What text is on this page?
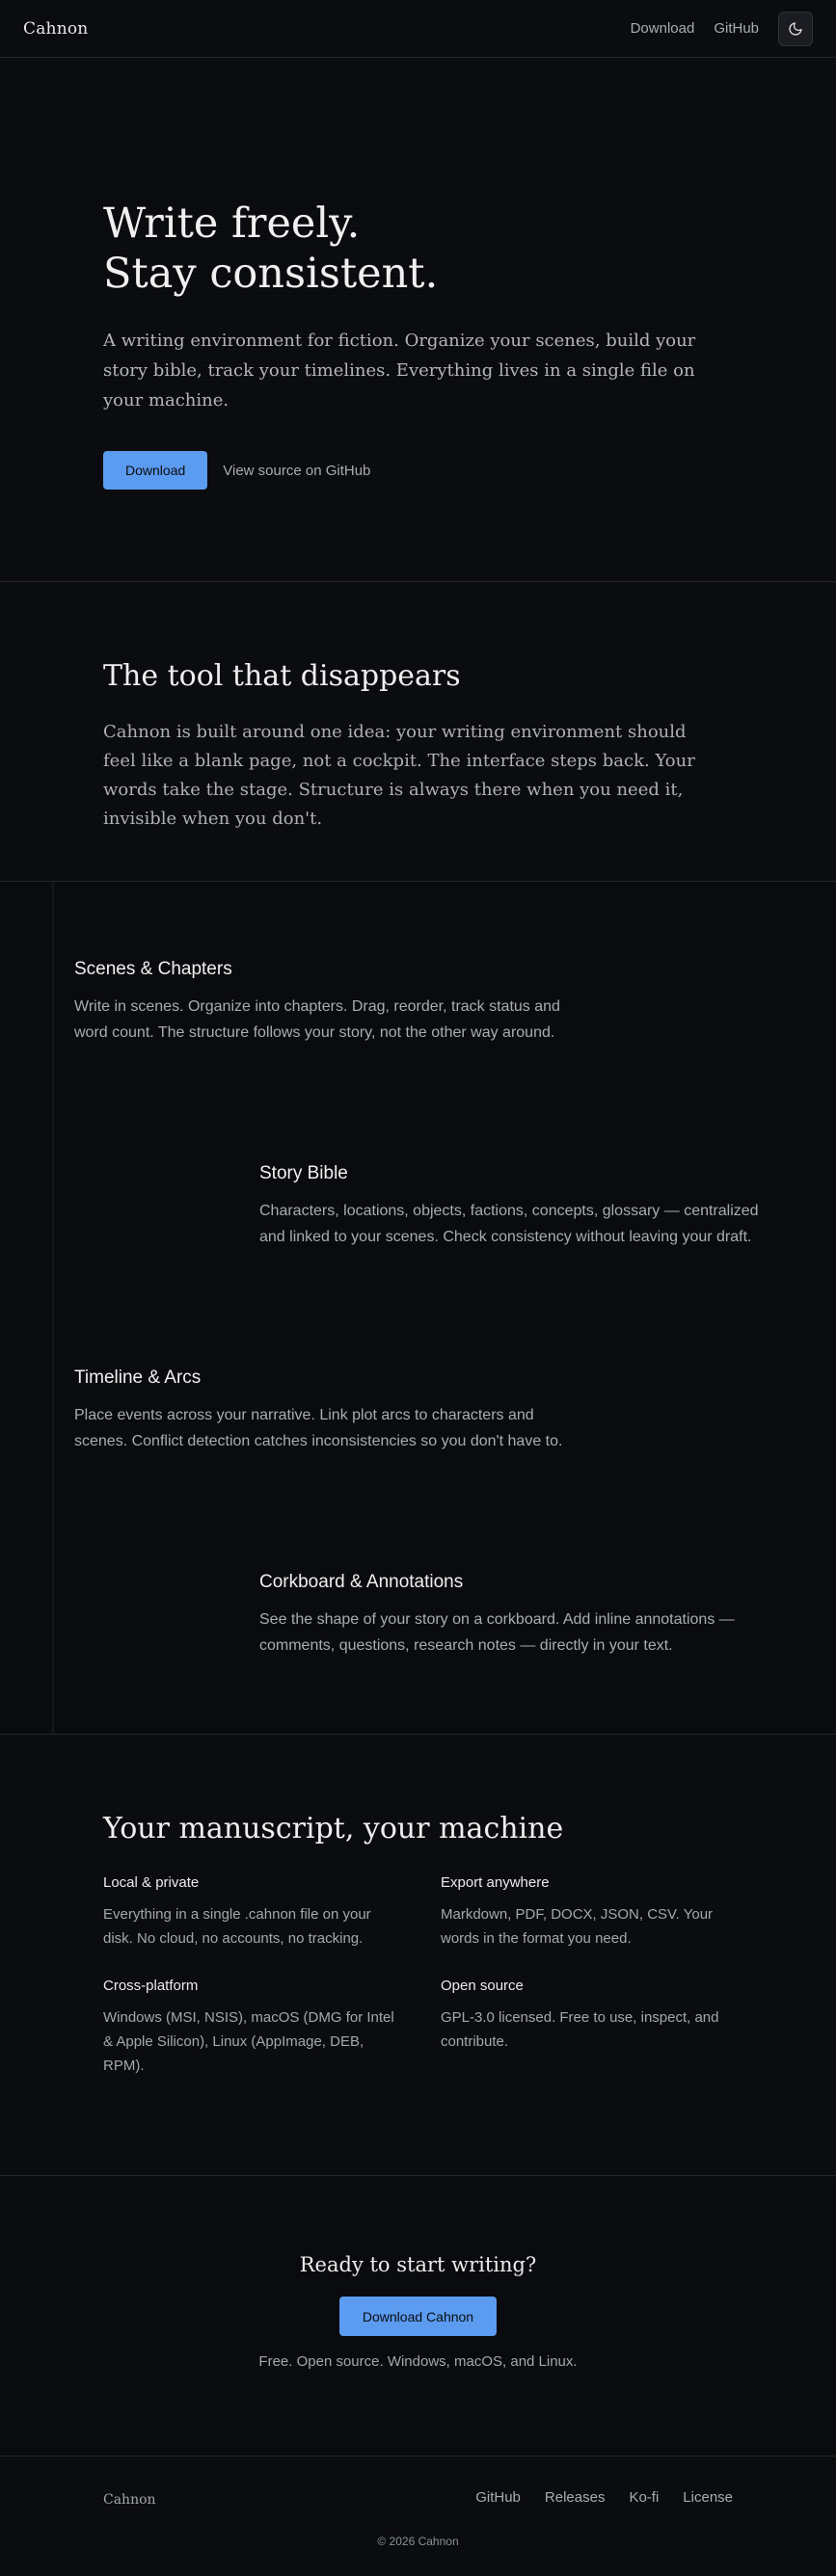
Cahnon	Download GitHub
Write freely.
Stay consistent.

A writing environment for fiction. Organize your scenes, build your story bible, track your timelines. Everything lives in a single file on your machine.

Download	View source on GitHub
The tool that disappears

Cahnon is built around one idea: your writing environment should feel like a blank page, not a cockpit. The interface steps back. Your words take the stage. Structure is always there when you need it, invisible when you don't.

Scenes & Chapters

Write in scenes. Organize into chapters. Drag, reorder, track status and word count. The structure follows your story, not the other way around.

Story Bible

Characters, locations, objects, factions, concepts, glossary — centralized and linked to your scenes. Check consistency without leaving your draft.

Timeline & Arcs

Place events across your narrative. Link plot arcs to characters and scenes. Conflict detection catches inconsistencies so you don't have to.

Corkboard & Annotations

See the shape of your story on a corkboard. Add inline annotations — comments, questions, research notes — directly in your text.

Your manuscript, your machine
Local & private

Everything in a single .cahnon file on your disk. No cloud, no accounts, no tracking.

Export anywhere

Markdown, PDF, DOCX, JSON, CSV. Your words in the format you need.

Cross-platform

Windows (MSI, NSIS), macOS (DMG for Intel & Apple Silicon), Linux (AppImage, DEB, RPM).

Open source

GPL-3.0 licensed. Free to use, inspect, and contribute.

Ready to start writing?
Download Cahnon

Free. Open source. Windows, macOS, and Linux.

Cahnon	GitHub Releases Ko-fi License
© 2026 Cahnon
